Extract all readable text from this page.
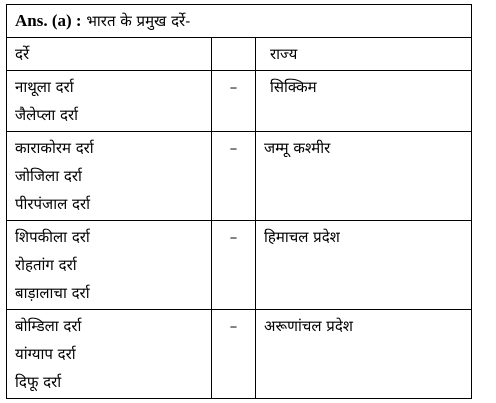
Ans. (a) : भारत के प्रमुख दर्रे-		
दर्रे		राज्य

नाथूला दर्रा
जैलेप्ला दर्रा	–	सिक्किम

काराकोरम दर्रा
जोजिला दर्रा
पीरपंजाल दर्रा	–	जम्मू कश्मीर

शिपकीला दर्रा
रोहतांग दर्रा
बाड़ालाचा दर्रा	–	हिमाचल प्रदेश

बोम्डिला दर्रा
यांग्याप दर्रा
दिफू दर्रा	–	अरूणांचल प्रदेश
